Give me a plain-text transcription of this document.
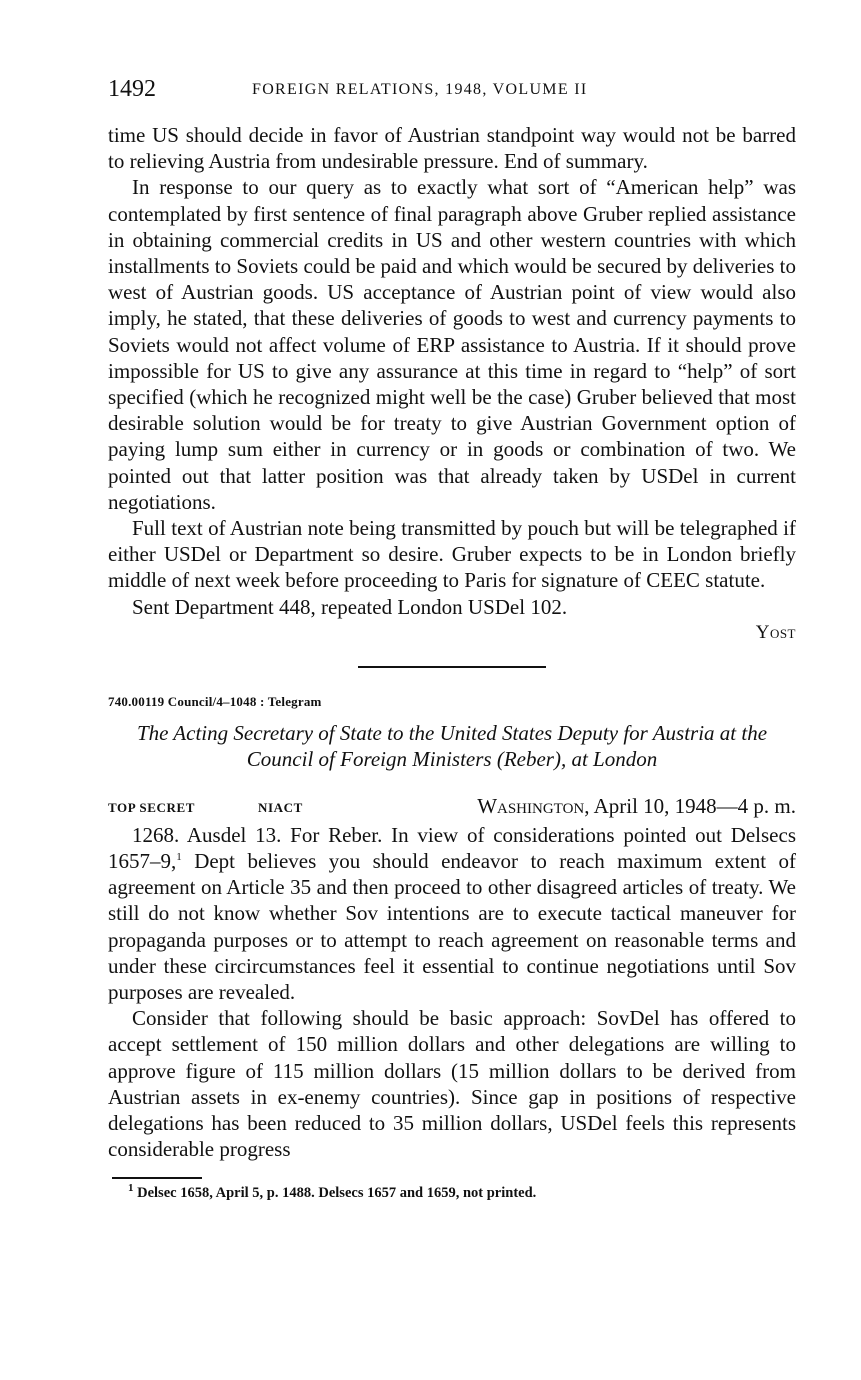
1492	FOREIGN RELATIONS, 1948, VOLUME II

time US should decide in favor of Austrian standpoint way would not be barred to relieving Austria from undesirable pressure. End of summary.

In response to our query as to exactly what sort of “American help” was contemplated by first sentence of final paragraph above Gruber replied assistance in obtaining commercial credits in US and other western countries with which installments to Soviets could be paid and which would be secured by deliveries to west of Austrian goods. US acceptance of Austrian point of view would also imply, he stated, that these deliveries of goods to west and currency payments to Soviets would not affect volume of ERP assistance to Austria. If it should prove impossible for US to give any assurance at this time in regard to “help” of sort specified (which he recognized might well be the case) Gruber believed that most desirable solution would be for treaty to give Austrian Government option of paying lump sum either in currency or in goods or combination of two. We pointed out that latter position was that already taken by USDel in current negotiations.

Full text of Austrian note being transmitted by pouch but will be telegraphed if either USDel or Department so desire. Gruber expects to be in London briefly middle of next week before proceeding to Paris for signature of CEEC statute.

Sent Department 448, repeated London USDel 102.

Yost
740.00119 Council/4–1048 : Telegram
The Acting Secretary of State to the United States Deputy for Austria at the Council of Foreign Ministers (Reber), at London
TOP SECRET	NIACT	Washington, April 10, 1948—4 p. m.

1268. Ausdel 13. For Reber. In view of considerations pointed out Delsecs 1657–9,$^1$ Dept believes you should endeavor to reach maximum extent of agreement on Article 35 and then proceed to other disagreed articles of treaty. We still do not know whether Sov intentions are to execute tactical maneuver for propaganda purposes or to attempt to reach agreement on reasonable terms and under these circircumstances feel it essential to continue negotiations until Sov purposes are revealed.

Consider that following should be basic approach: SovDel has offered to accept settlement of 150 million dollars and other delegations are willing to approve figure of 115 million dollars (15 million dollars to be derived from Austrian assets in ex-enemy countries). Since gap in positions of respective delegations has been reduced to 35 million dollars, USDel feels this represents considerable progress

$^1$ Delsec 1658, April 5, p. 1488. Delsecs 1657 and 1659, not printed.
